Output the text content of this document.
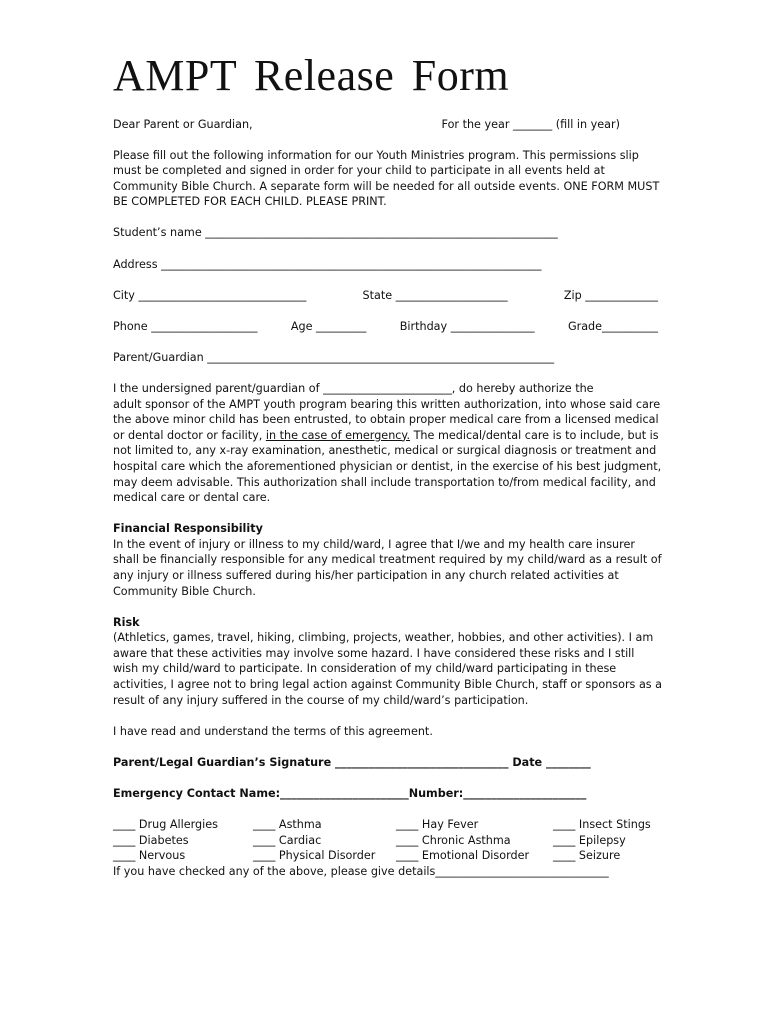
AMPT Release Form
Dear Parent or Guardian,	For the year _______ (fill in year)
Please fill out the following information for our Youth Ministries program. This permissions slip
must be completed and signed in order for your child to participate in all events held at
Community Bible Church. A separate form will be needed for all outside events. ONE FORM MUST
BE COMPLETED FOR EACH CHILD. PLEASE PRINT.
Student’s name _______________________________________________________________
Address ____________________________________________________________________
City ______________________________	State ____________________	Zip _____________
Phone ___________________	Age _________	Birthday _______________	Grade__________
Parent/Guardian ______________________________________________________________
I the undersigned parent/guardian of _______________________, do hereby authorize the
adult sponsor of the AMPT youth program bearing this written authorization, into whose said care
the above minor child has been entrusted, to obtain proper medical care from a licensed medical
or dental doctor or facility, in the case of emergency. The medical/dental care is to include, but is
not limited to, any x-ray examination, anesthetic, medical or surgical diagnosis or treatment and
hospital care which the aforementioned physician or dentist, in the exercise of his best judgment,
may deem advisable. This authorization shall include transportation to/from medical facility, and
medical care or dental care.
Financial Responsibility
In the event of injury or illness to my child/ward, I agree that I/we and my health care insurer
shall be financially responsible for any medical treatment required by my child/ward as a result of
any injury or illness suffered during his/her participation in any church related activities at
Community Bible Church.
Risk
(Athletics, games, travel, hiking, climbing, projects, weather, hobbies, and other activities). I am
aware that these activities may involve some hazard. I have considered these risks and I still
wish my child/ward to participate. In consideration of my child/ward participating in these
activities, I agree not to bring legal action against Community Bible Church, staff or sponsors as a
result of any injury suffered in the course of my child/ward’s participation.
I have read and understand the terms of this agreement.
Parent/Legal Guardian’s Signature _______________________________ Date ________
Emergency Contact Name:_______________________Number:______________________
____ Drug Allergies	____ Asthma	____ Hay Fever	____ Insect Stings
____ Diabetes	____ Cardiac	____ Chronic Asthma	____ Epilepsy
____ Nervous	____ Physical Disorder	____ Emotional Disorder	____ Seizure
If you have checked any of the above, please give details_______________________________
